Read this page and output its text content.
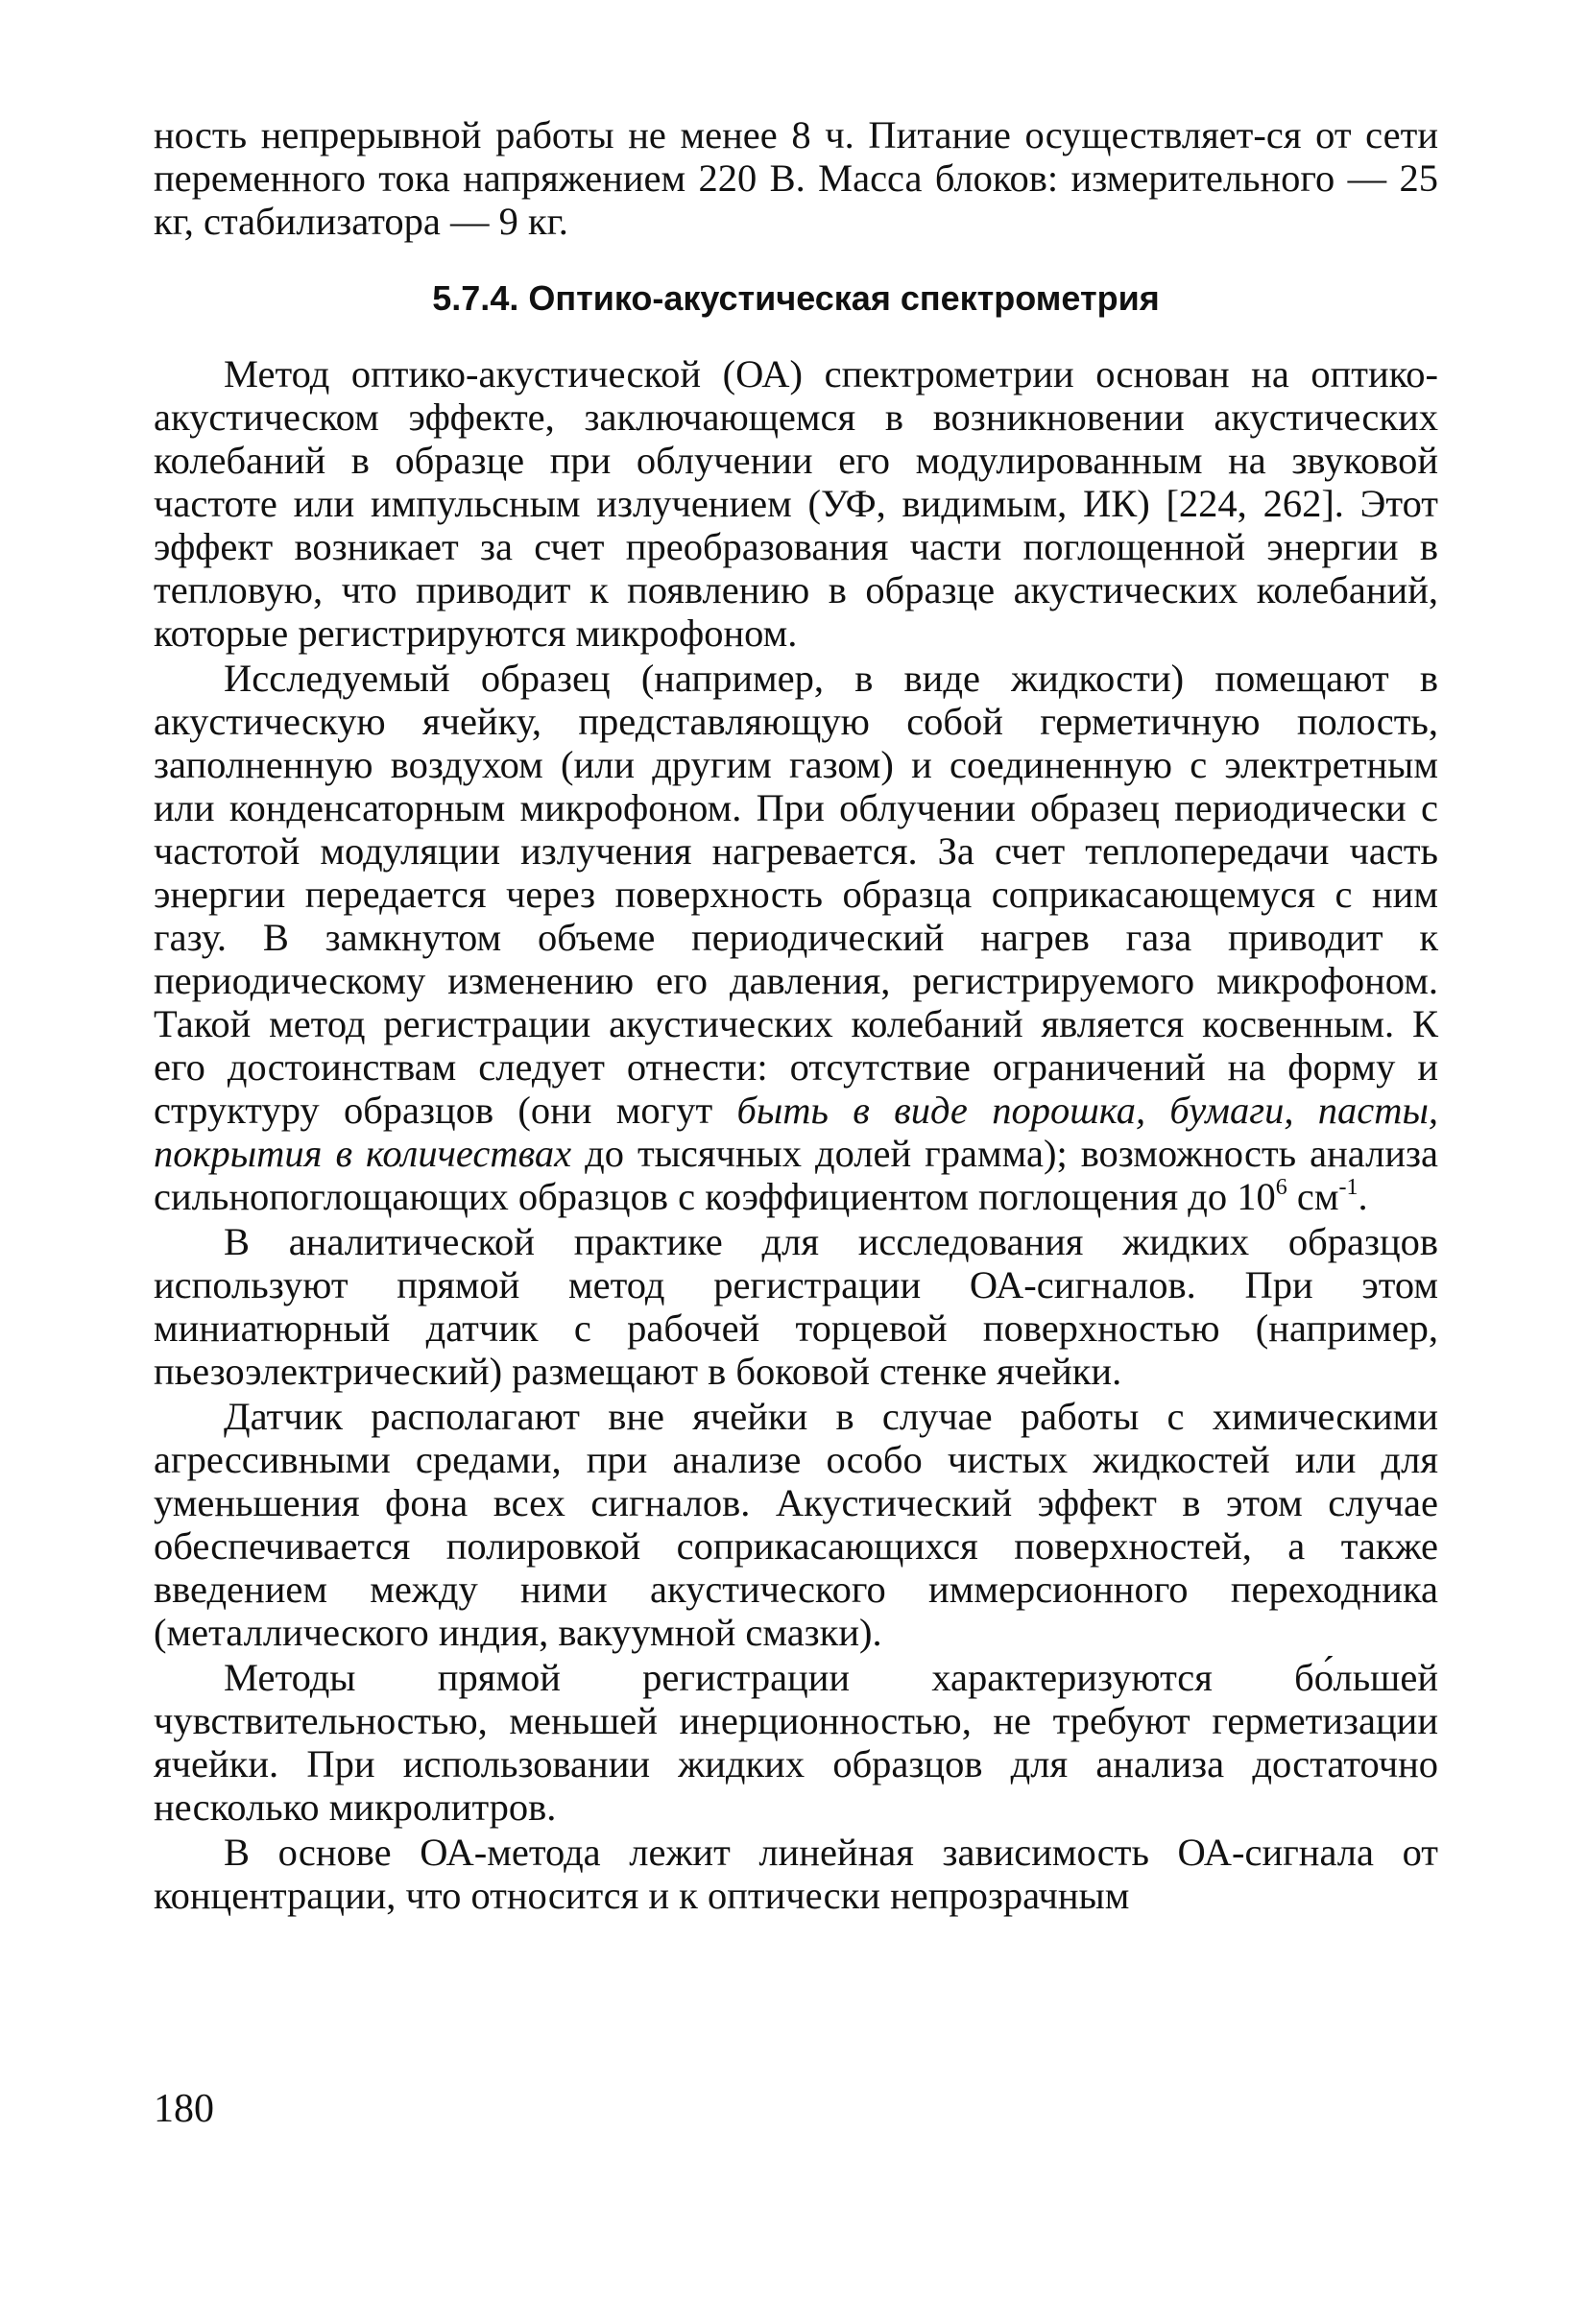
ность непрерывной работы не менее 8 ч. Питание осуществляет-ся от сети переменного тока напряжением 220 В. Масса блоков: измерительного — 25 кг, стабилизатора — 9 кг.

5.7.4. Оптико-акустическая спектрометрия

Метод оптико-акустической (ОА) спектрометрии основан на оптико-акустическом эффекте, заключающемся в возникновении акустических колебаний в образце при облучении его модулированным на звуковой частоте или импульсным излучением (УФ, видимым, ИК) [224, 262]. Этот эффект возникает за счет преобразования части поглощенной энергии в тепловую, что приводит к появлению в образце акустических колебаний, которые регистрируются микрофоном.

Исследуемый образец (например, в виде жидкости) помещают в акустическую ячейку, представляющую собой герметичную полость, заполненную воздухом (или другим газом) и соединенную с электретным или конденсаторным микрофоном. При облучении образец периодически с частотой модуляции излучения нагревается. За счет теплопередачи часть энергии передается через поверхность образца соприкасающемуся с ним газу. В замкнутом объеме периодический нагрев газа приводит к периодическому изменению его давления, регистрируемого микрофоном. Такой метод регистрации акустических колебаний является косвенным. К его достоинствам следует отнести: отсутствие ограничений на форму и структуру образцов (они могут быть в виде порошка, бумаги, пасты, покрытия в количествах до тысячных долей грамма); возможность анализа сильнопоглощающих образцов с коэффициентом поглощения до $10^6$ $см^{-1}$.

В аналитической практике для исследования жидких образцов используют прямой метод регистрации ОА-сигналов. При этом миниатюрный датчик с рабочей торцевой поверхностью (например, пьезоэлектрический) размещают в боковой стенке ячейки.

Датчик располагают вне ячейки в случае работы с химическими агрессивными средами, при анализе особо чистых жидкостей или для уменьшения фона всех сигналов. Акустический эффект в этом случае обеспечивается полировкой соприкасающихся поверхностей, а также введением между ними акустического иммерсионного переходника (металлического индия, вакуумной смазки).

Методы прямой регистрации характеризуются бо́льшей чувствительностью, меньшей инерционностью, не требуют герметизации ячейки. При использовании жидких образцов для анализа достаточно несколько микролитров.

В основе ОА-метода лежит линейная зависимость ОА-сигнала от концентрации, что относится и к оптически непрозрачным

180
